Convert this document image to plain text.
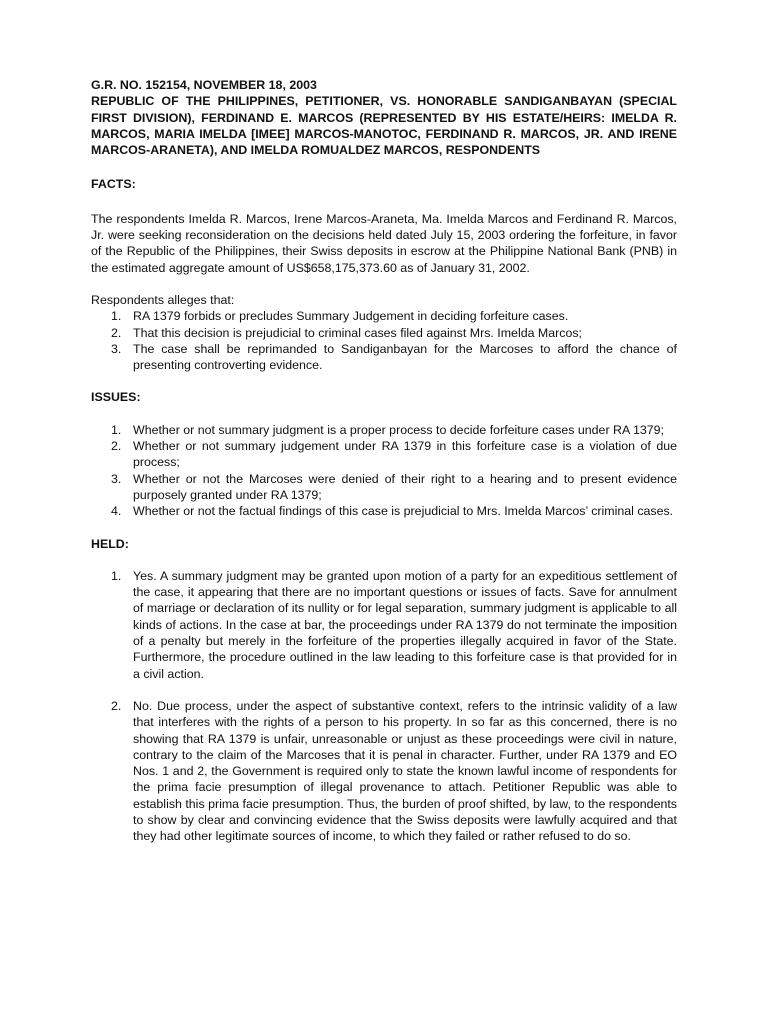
G.R. NO. 152154, NOVEMBER 18, 2003
REPUBLIC OF THE PHILIPPINES, PETITIONER, VS. HONORABLE SANDIGANBAYAN (SPECIAL FIRST DIVISION), FERDINAND E. MARCOS (REPRESENTED BY HIS ESTATE/HEIRS: IMELDA R. MARCOS, MARIA IMELDA [IMEE] MARCOS-MANOTOC, FERDINAND R. MARCOS, JR. AND IRENE MARCOS-ARANETA), AND IMELDA ROMUALDEZ MARCOS, RESPONDENTS
FACTS:
The respondents Imelda R. Marcos, Irene Marcos-Araneta, Ma. Imelda Marcos and Ferdinand R. Marcos, Jr. were seeking reconsideration on the decisions held dated July 15, 2003 ordering the forfeiture, in favor of the Republic of the Philippines, their Swiss deposits in escrow at the Philippine National Bank (PNB) in the estimated aggregate amount of US$658,175,373.60 as of January 31, 2002.
Respondents alleges that:
1. RA 1379 forbids or precludes Summary Judgement in deciding forfeiture cases.
2. That this decision is prejudicial to criminal cases filed against Mrs. Imelda Marcos;
3. The case shall be reprimanded to Sandiganbayan for the Marcoses to afford the chance of presenting controverting evidence.
ISSUES:
1. Whether or not summary judgment is a proper process to decide forfeiture cases under RA 1379;
2. Whether or not summary judgement under RA 1379 in this forfeiture case is a violation of due process;
3. Whether or not the Marcoses were denied of their right to a hearing and to present evidence purposely granted under RA 1379;
4. Whether or not the factual findings of this case is prejudicial to Mrs. Imelda Marcos’ criminal cases.
HELD:
1. Yes. A summary judgment may be granted upon motion of a party for an expeditious settlement of the case, it appearing that there are no important questions or issues of facts. Save for annulment of marriage or declaration of its nullity or for legal separation, summary judgment is applicable to all kinds of actions. In the case at bar, the proceedings under RA 1379 do not terminate the imposition of a penalty but merely in the forfeiture of the properties illegally acquired in favor of the State. Furthermore, the procedure outlined in the law leading to this forfeiture case is that provided for in a civil action.
2. No. Due process, under the aspect of substantive context, refers to the intrinsic validity of a law that interferes with the rights of a person to his property. In so far as this concerned, there is no showing that RA 1379 is unfair, unreasonable or unjust as these proceedings were civil in nature, contrary to the claim of the Marcoses that it is penal in character. Further, under RA 1379 and EO Nos. 1 and 2, the Government is required only to state the known lawful income of respondents for the prima facie presumption of illegal provenance to attach. Petitioner Republic was able to establish this prima facie presumption. Thus, the burden of proof shifted, by law, to the respondents to show by clear and convincing evidence that the Swiss deposits were lawfully acquired and that they had other legitimate sources of income, to which they failed or rather refused to do so.
